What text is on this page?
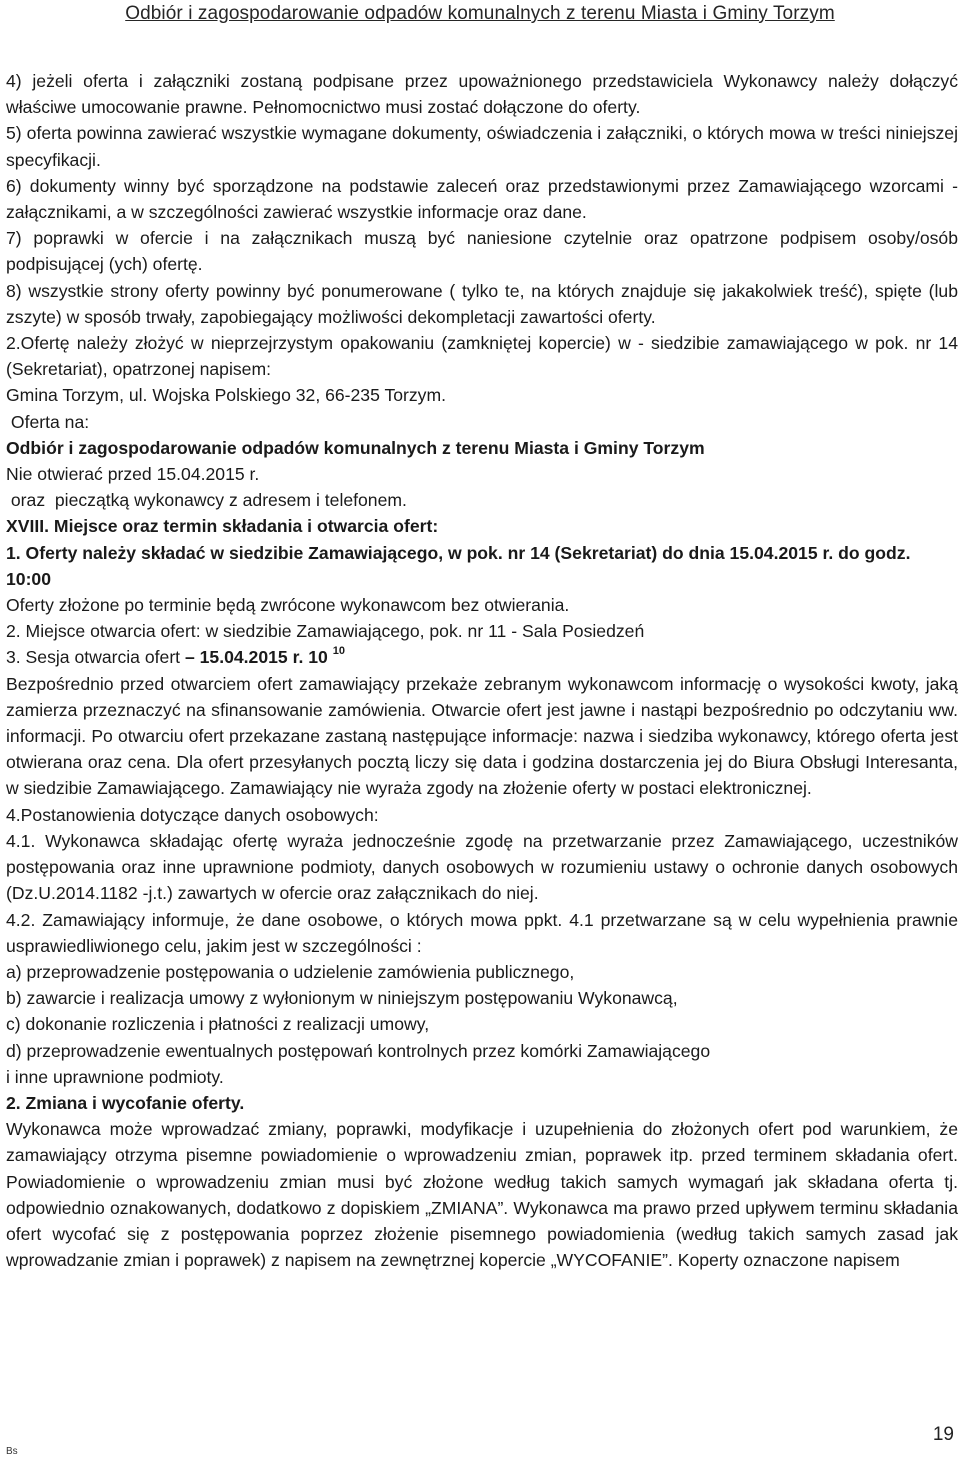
Odbiór i zagospodarowanie odpadów komunalnych z terenu Miasta i Gminy Torzym

4) jeżeli oferta i załączniki zostaną podpisane przez upoważnionego przedstawiciela Wykonawcy należy dołączyć właściwe umocowanie prawne. Pełnomocnictwo musi zostać dołączone do oferty.

5) oferta powinna zawierać wszystkie wymagane dokumenty, oświadczenia i załączniki, o których mowa w treści niniejszej specyfikacji.

6) dokumenty winny być sporządzone na podstawie zaleceń oraz przedstawionymi przez Zamawiającego wzorcami - załącznikami, a w szczególności zawierać wszystkie informacje oraz dane.

7) poprawki w ofercie i na załącznikach muszą być naniesione czytelnie oraz opatrzone podpisem osoby/osób podpisującej (ych) ofertę.

8) wszystkie strony oferty powinny być ponumerowane ( tylko te, na których znajduje się jakakolwiek treść), spięte (lub zszyte) w sposób trwały, zapobiegający możliwości dekompletacji zawartości oferty.

2.Ofertę należy złożyć w nieprzejrzystym opakowaniu (zamkniętej kopercie) w - siedzibie zamawiającego w pok. nr 14 (Sekretariat), opatrzonej napisem:

Gmina Torzym, ul. Wojska Polskiego 32, 66-235 Torzym.

Oferta na:

Odbiór i zagospodarowanie odpadów komunalnych z terenu Miasta i Gminy Torzym

Nie otwierać przed 15.04.2015 r.

oraz  pieczątką wykonawcy z adresem i telefonem.

XVIII. Miejsce oraz termin składania i otwarcia ofert:

1. Oferty należy składać w siedzibie Zamawiającego, w pok. nr 14 (Sekretariat) do dnia 15.04.2015 r. do godz. 10:00

Oferty złożone po terminie będą zwrócone wykonawcom bez otwierania.

2. Miejsce otwarcia ofert: w siedzibie Zamawiającego, pok. nr 11 - Sala Posiedzeń

3. Sesja otwarcia ofert – 15.04.2015 r. 10 $^{10}$

Bezpośrednio przed otwarciem ofert zamawiający przekaże zebranym wykonawcom informację o wysokości kwoty, jaką zamierza przeznaczyć na sfinansowanie zamówienia. Otwarcie ofert jest jawne i nastąpi bezpośrednio po odczytaniu ww. informacji. Po otwarciu ofert przekazane zastaną następujące informacje: nazwa i siedziba wykonawcy, którego oferta jest otwierana oraz cena. Dla ofert przesyłanych pocztą liczy się data i godzina dostarczenia jej do Biura Obsługi Interesanta, w siedzibie Zamawiającego. Zamawiający nie wyraża zgody na złożenie oferty w postaci elektronicznej.

4.Postanowienia dotyczące danych osobowych:

4.1. Wykonawca składając ofertę wyraża jednocześnie zgodę na przetwarzanie przez Zamawiającego, uczestników postępowania oraz inne uprawnione podmioty, danych osobowych w rozumieniu ustawy o ochronie danych osobowych (Dz.U.2014.1182 -j.t.) zawartych w ofercie oraz załącznikach do niej.

4.2. Zamawiający informuje, że dane osobowe, o których mowa ppkt. 4.1 przetwarzane są w celu wypełnienia prawnie usprawiedliwionego celu, jakim jest w szczególności :

a) przeprowadzenie postępowania o udzielenie zamówienia publicznego,

b) zawarcie i realizacja umowy z wyłonionym w niniejszym postępowaniu Wykonawcą,

c) dokonanie rozliczenia i płatności z realizacji umowy,

d) przeprowadzenie ewentualnych postępowań kontrolnych przez komórki Zamawiającego

i inne uprawnione podmioty.

2. Zmiana i wycofanie oferty.

Wykonawca może wprowadzać zmiany, poprawki, modyfikacje i uzupełnienia do złożonych ofert pod warunkiem, że zamawiający otrzyma pisemne powiadomienie o wprowadzeniu zmian, poprawek itp. przed terminem składania ofert. Powiadomienie o wprowadzeniu zmian musi być złożone według takich samych wymagań jak składana oferta tj. odpowiednio oznakowanych, dodatkowo z dopiskiem „ZMIANA”. Wykonawca ma prawo przed upływem terminu składania ofert wycofać się z postępowania poprzez złożenie pisemnego powiadomienia (według takich samych zasad jak wprowadzanie zmian i poprawek) z napisem na zewnętrznej kopercie „WYCOFANIE”. Koperty oznaczone napisem

19
Bs
